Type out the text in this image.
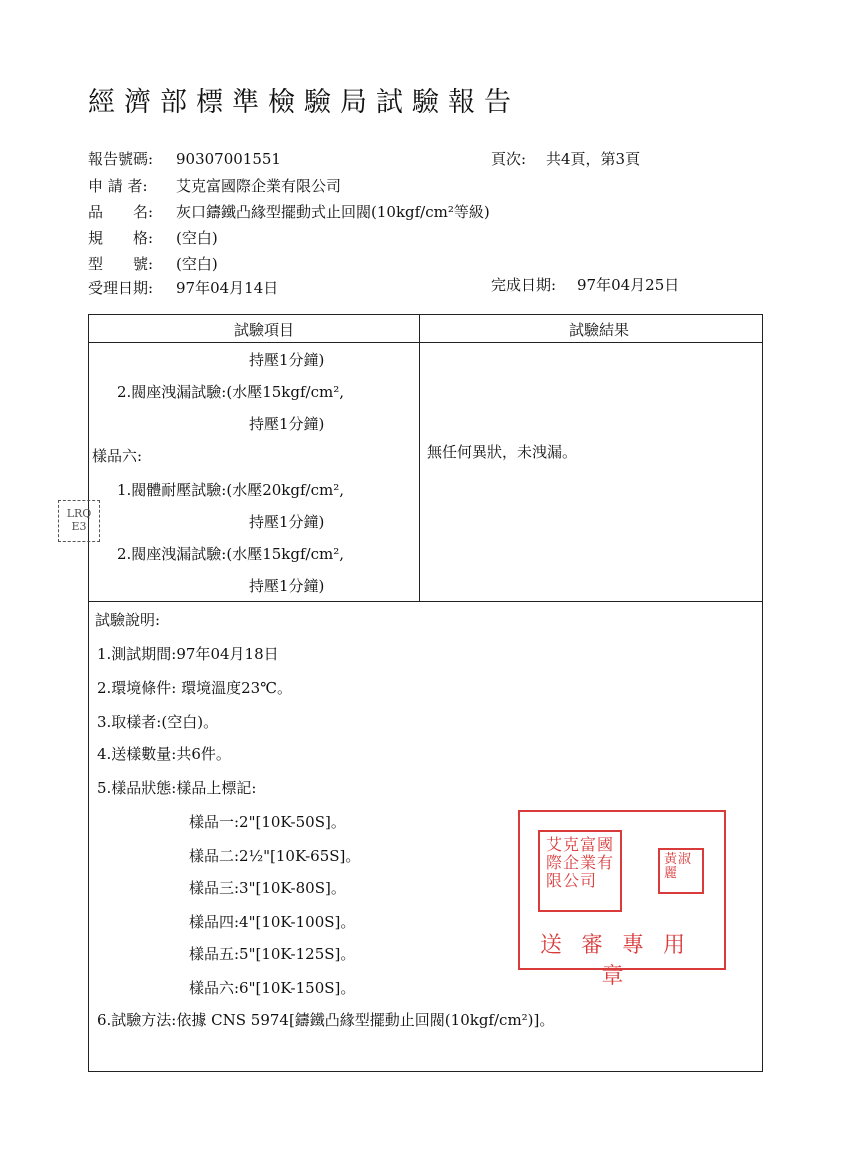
經濟部標準檢驗局試驗報告
報告號碼: 90307001551	頁次: 共4頁，第3頁
申 請 者: 艾克富國際企業有限公司
品　　名: 灰口鑄鐵凸緣型擺動式止回閥(10kgf/cm²等級)
規　　格: (空白)
型　　號: (空白)
受理日期: 97年04月14日	完成日期: 97年04月25日
試驗項目	試驗結果
持壓1分鐘)
2.閥座洩漏試驗:(水壓15kgf/cm²,
持壓1分鐘)
樣品六:
1.閥體耐壓試驗:(水壓20kgf/cm²,
持壓1分鐘)
2.閥座洩漏試驗:(水壓15kgf/cm²,
持壓1分鐘)
無任何異狀，未洩漏。
試驗說明:
1.測試期間:97年04月18日
2.環境條件: 環境溫度23℃。
3.取樣者:(空白)。
4.送樣數量:共6件。
5.樣品狀態:樣品上標記:
樣品一:2"[10K-50S]。
樣品二:2½"[10K-65S]。
樣品三:3"[10K-80S]。
樣品四:4"[10K-100S]。
樣品五:5"[10K-125S]。
樣品六:6"[10K-150S]。
6.試驗方法:依據 CNS 5974[鑄鐵凸緣型擺動止回閥(10kgf/cm²)]。
艾克富國際企業有限公司
黃淑麗
送審專用章
LRQ E3
